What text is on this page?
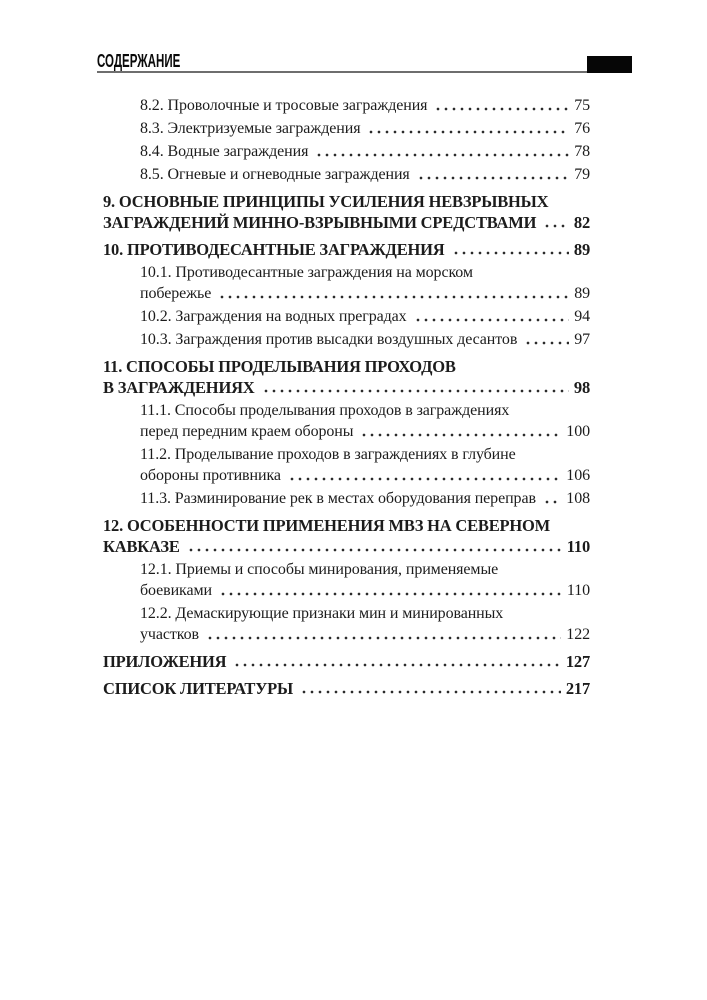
СОДЕРЖАНИЕ
8.2. Проволочные и тросовые заграждения	75
8.3. Электризуемые заграждения	76
8.4. Водные заграждения	78
8.5. Огневые и огневодные заграждения	79
9. ОСНОВНЫЕ ПРИНЦИПЫ УСИЛЕНИЯ НЕВЗРЫВНЫХ
ЗАГРАЖДЕНИЙ МИННО-ВЗРЫВНЫМИ СРЕДСТВАМИ 82
10. ПРОТИВОДЕСАНТНЫЕ ЗАГРАЖДЕНИЯ	89
10.1. Противодесантные заграждения на морском
побережье	89
10.2. Заграждения на водных преградах	94
10.3. Заграждения против высадки воздушных десантов	97
11. СПОСОБЫ ПРОДЕЛЫВАНИЯ ПРОХОДОВ
В ЗАГРАЖДЕНИЯХ	98
11.1. Способы проделывания проходов в заграждениях
перед передним краем обороны	100
11.2. Проделывание проходов в заграждениях в глубине
обороны противника	106
11.3. Разминирование рек в местах оборудования переправ 108
12. ОСОБЕННОСТИ ПРИМЕНЕНИЯ МВЗ НА СЕВЕРНОМ
КАВКАЗЕ	110
12.1. Приемы и способы минирования, применяемые
боевиками	110
12.2. Демаскирующие признаки мин и минированных
участков	122
ПРИЛОЖЕНИЯ	127
СПИСОК ЛИТЕРАТУРЫ	217
